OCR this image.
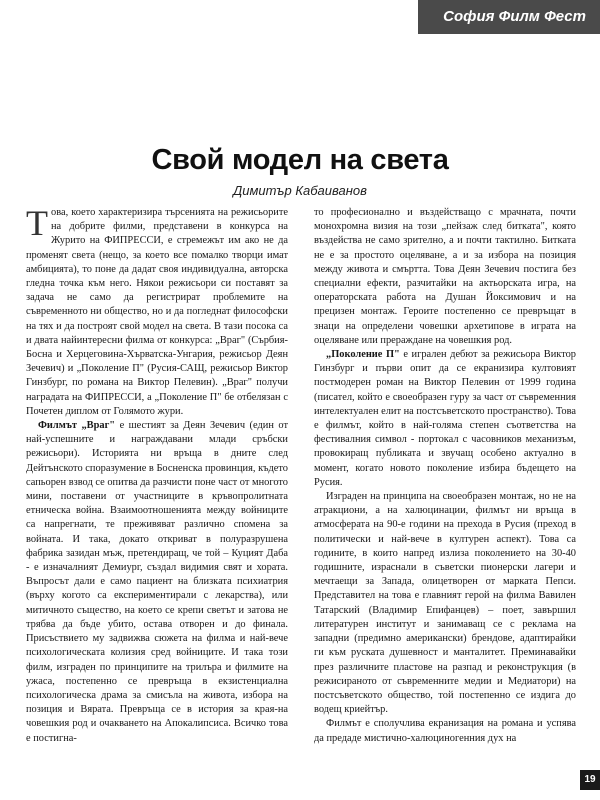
София Филм Фест
Свой модел на света
Димитър Кабаиванов

Това, което характеризира търсенията на режисьорите на добрите филми, представени в конкурса на Журито на ФИПРЕССИ, е стремежът им ако не да променят света (нещо, за което все помалко творци имат амбицията), то поне да дадат своя индивидуална, авторска гледна точка към него. Някои режисьори си поставят за задача не само да регистрират проблемите на съвременното ни общество, но и да погледнат философски на тях и да построят свой модел на света. В тази посока са и двата найинтересни филма от конкурса: „Враг" (Сърбия-Босна и Херцеговина-Хърватска-Унгария, режисьор Деян Зечевич) и „Поколение П" (Русия-САЩ, режисьор Виктор Гинзбург, по романа на Виктор Пелевин). „Враг" получи наградата на ФИПРЕССИ, а „Поколение П" бе отбелязан с Почетен диплом от Голямото жури.

Филмът „Враг" е шестият за Деян Зечевич (един от най-успешните и награждавани млади сръбски режисьори). Историята ни връща в дните след Дейтънското споразумение в Босненска провинция, където сапьорен взвод се опитва да разчисти поне част от многото мини, поставени от участниците в кръвопролитната етническа война. Взаимоотношенията между войниците са напрегнати, те преживяват различно спомена за войната. И така, докато откриват в полуразрушена фабрика зазидан мъж, претендиращ, че той – Куцият Даба - е изначалният Демиург, създал видимия свят и хората. Въпросът дали е само пациент на близката психиатрия (върху когото са експериментирали с лекарства), или митичното същество, на което се крепи светът и затова не трябва да бъде убито, остава отворен и до финала. Присъствието му задвижва сюжета на филма и най-вече психологическата колизия сред войниците. И така този филм, изграден по принципите на трилъра и филмите на ужаса, постепенно се превръща в екзистенциална психологическа драма за смисъла на живота, избора на позиция и Вярата. Превръща се в история за края-на човешкия род и очакването на Апокалипсиса. Всичко това е постигна-

то професионално и въздействащо с мрачната, почти монохромна визия на този „пейзаж след битката", която въздейства не само зрително, а и почти тактилно. Битката не е за простото оцеляване, а и за избора на позиция между живота и смъртта. Това Деян Зечевич постига без специални ефекти, разчитайки на актьорската игра, на операторската работа на Душан Йоксимович и на прецизен монтаж. Героите постепенно се превръщат в знаци на определени човешки архетипове в играта на оцеляване или прераждане на човешкия род.

„Поколение П" е игрален дебют за режисьора Виктор Гинзбург и първи опит да се екранизира култовият постмодерен роман на Виктор Пелевин от 1999 година (писател, който е своеобразен гуру за част от съвременния интелектуален елит на постсъветското пространство). Това е филмът, който в най-голяма степен съответства на фестивалния символ - портокал с часовников механизъм, провокиращ публиката и звучащ особено актуално в момент, когато новото поколение избира бъдещето на Русия.

Изграден на принципа на своеобразен монтаж, но не на атракциони, а на халюцинации, филмът ни връща в атмосферата на 90-е години на прехода в Русия (преход в политически и най-вече в културен аспект). Това са годините, в които напред излиза поколението на 30-40 годишните, израснали в съветски пионерски лагери и мечтаещи за Запада, олицетворен от марката Пепси. Представител на това е главният герой на филма Вавилен Татарский (Владимир Епифанцев) – поет, завършил литературен институт и занимаващ се с реклама на западни (предимно американски) брендове, адаптирайки ги към руската душевност и манталитет. Преминавайки през различните пластове на разпад и реконструкция (в режисираното от съвременните медии и Медиатори) на постсъветското общество, той постепенно се издига до водещ криейтър.

Филмът е сполучлива екранизация на романа и успява да предаде мистично-халюциногенния дух на

19
